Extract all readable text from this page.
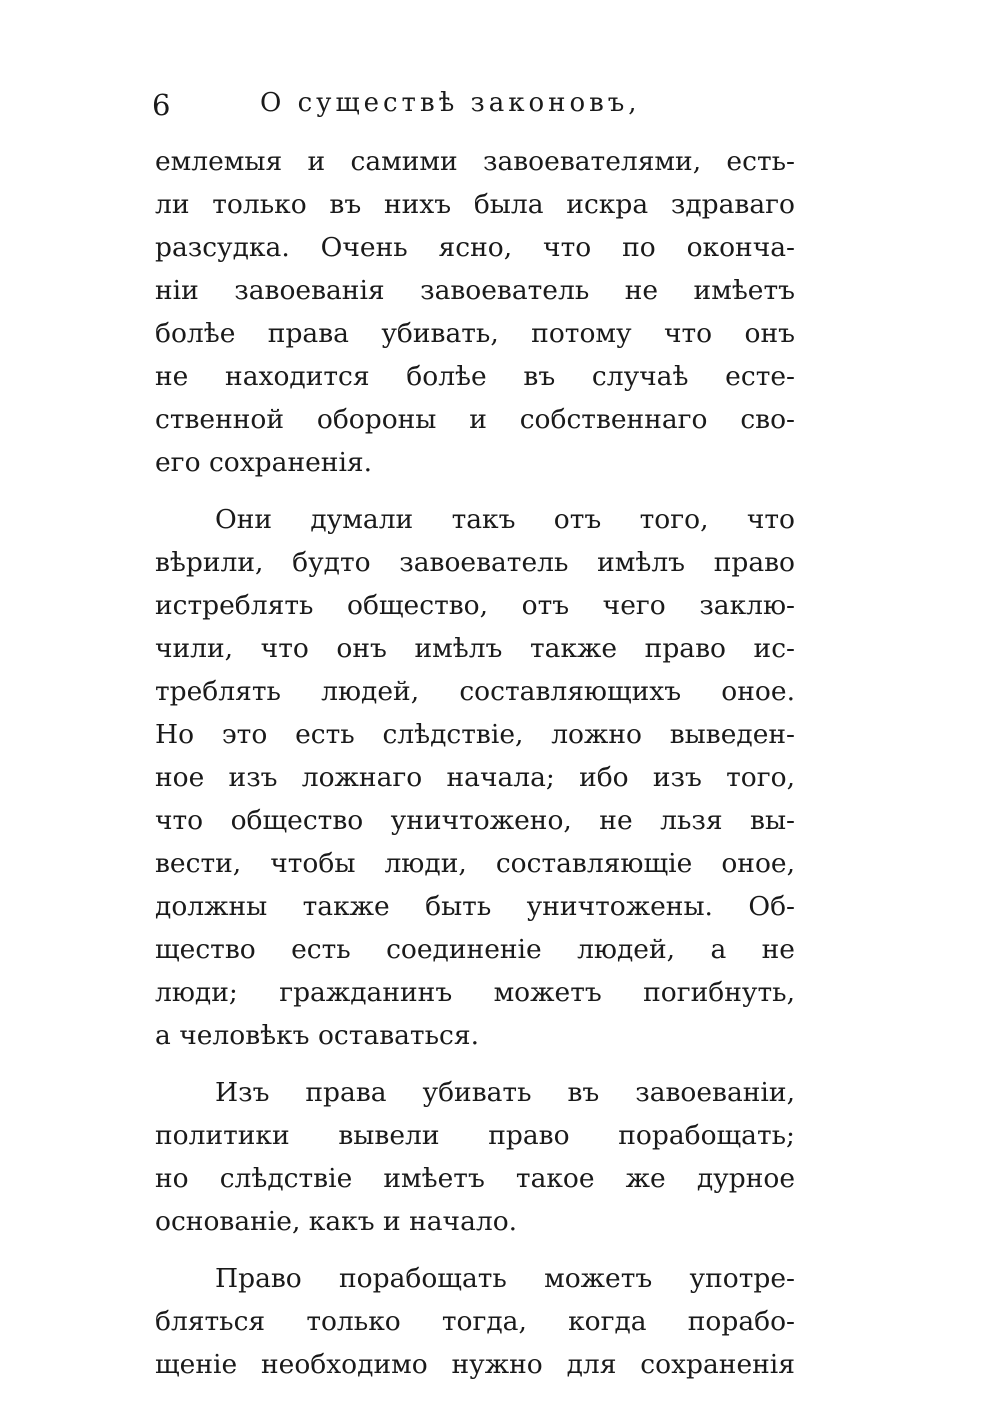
6	О существѣ законовъ,
емлемыя и самими завоевателями, есть-
ли только въ нихъ была искра здраваго
разсудка. Очень ясно, что по оконча-
нiи завоеванiя завоеватель не имѣетъ
болѣе права убивать, потому что онъ
не находится болѣе въ случаѣ есте-
ственной обороны и собственнаго сво-
его сохраненiя.
Они думали такъ отъ того, что
вѣрили, будто завоеватель имѣлъ право
истреблять общество, отъ чего заклю-
чили, что онъ имѣлъ также право ис-
треблять людей, составляющихъ оное.
Но это есть слѣдствiе, ложно выведен-
ное изъ ложнаго начала; ибо изъ того,
что общество уничтожено, не льзя вы-
вести, чтобы люди, составляющiе оное,
должны также быть уничтожены. Об-
щество есть соединенiе людей, а не
люди; гражданинъ можетъ погибнуть,
а человѣкъ оставаться.
Изъ права убивать въ завоеванiи,
политики вывели право порабощать;
но слѣдствiе имѣетъ такое же дурное
основанiе, какъ и начало.
Право порабощать можетъ употре-
бляться только тогда, когда порабо-
щенiе необходимо нужно для сохраненiя
